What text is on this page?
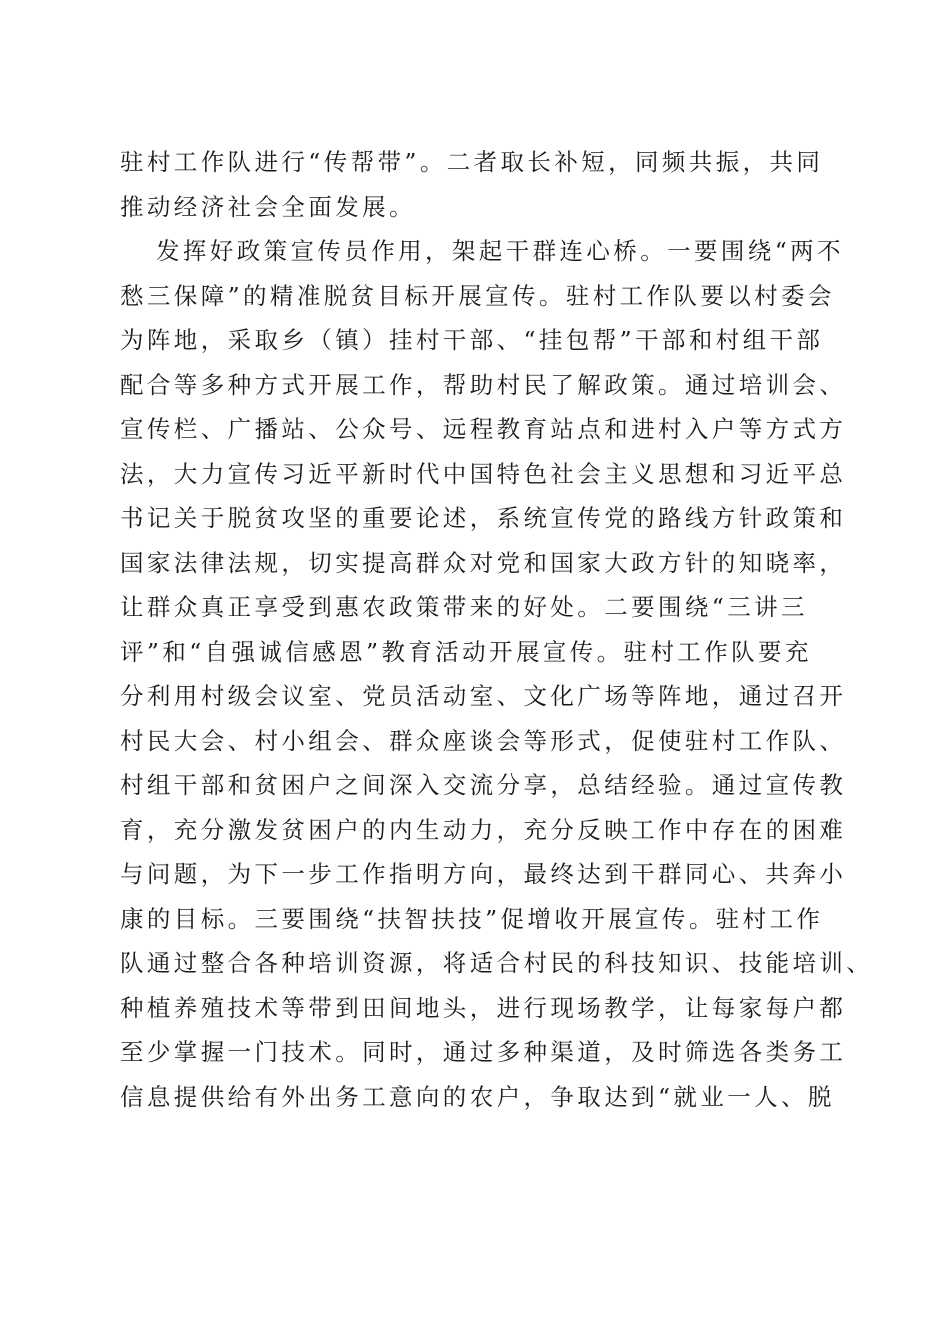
驻村工作队进行“传帮带”。二者取长补短，同频共振，共同
推动经济社会全面发展。
发挥好政策宣传员作用，架起干群连心桥。一要围绕“两不
愁三保障”的精准脱贫目标开展宣传。驻村工作队要以村委会
为阵地，采取乡（镇）挂村干部、“挂包帮”干部和村组干部
配合等多种方式开展工作，帮助村民了解政策。通过培训会、
宣传栏、广播站、公众号、远程教育站点和进村入户等方式方
法，大力宣传习近平新时代中国特色社会主义思想和习近平总
书记关于脱贫攻坚的重要论述，系统宣传党的路线方针政策和
国家法律法规，切实提高群众对党和国家大政方针的知晓率，
让群众真正享受到惠农政策带来的好处。二要围绕“三讲三
评”和“自强诚信感恩”教育活动开展宣传。驻村工作队要充
分利用村级会议室、党员活动室、文化广场等阵地，通过召开
村民大会、村小组会、群众座谈会等形式，促使驻村工作队、
村组干部和贫困户之间深入交流分享，总结经验。通过宣传教
育，充分激发贫困户的内生动力，充分反映工作中存在的困难
与问题，为下一步工作指明方向，最终达到干群同心、共奔小
康的目标。三要围绕“扶智扶技”促增收开展宣传。驻村工作
队通过整合各种培训资源，将适合村民的科技知识、技能培训、
种植养殖技术等带到田间地头，进行现场教学，让每家每户都
至少掌握一门技术。同时，通过多种渠道，及时筛选各类务工
信息提供给有外出务工意向的农户，争取达到“就业一人、脱
